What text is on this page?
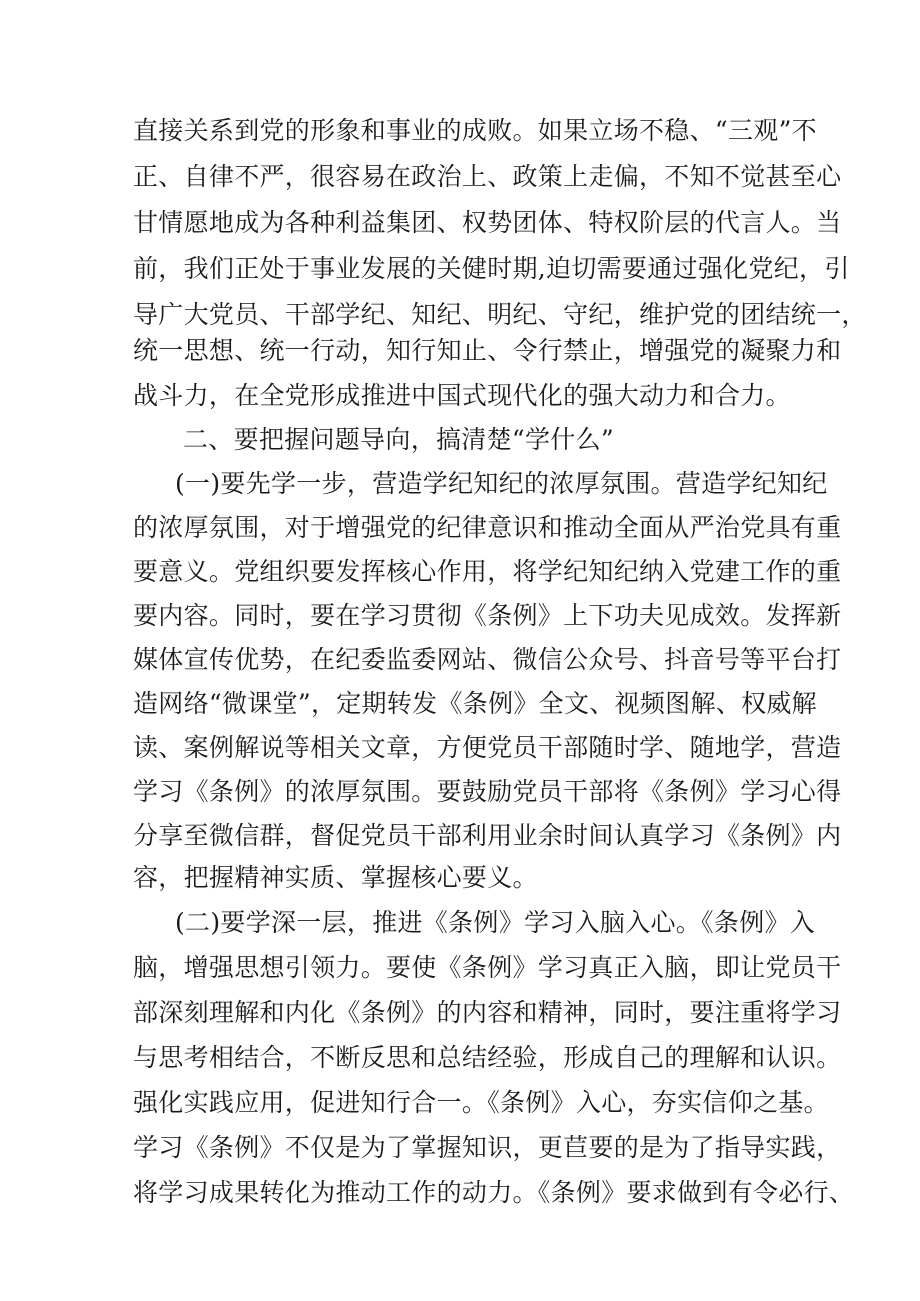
直接关系到党的形象和事业的成败。如果立场不稳、“三观”不
正、自律不严，很容易在政治上、政策上走偏，不知不觉甚至心
甘情愿地成为各种利益集团、权势团体、特权阶层的代言人。当
前，我们正处于事业发展的关健时期,迫切需要通过强化党纪，引
导广大党员、干部学纪、知纪、明纪、守纪，维护党的团结统一，
统一思想、统一行动，知行知止、令行禁止，增强党的凝聚力和
战斗力，在全党形成推进中国式现代化的强大动力和合力。
二、要把握问题导向，搞清楚“学什么”
(一)要先学一步，营造学纪知纪的浓厚氛围。营造学纪知纪
的浓厚氛围，对于增强党的纪律意识和推动全面从严治党具有重
要意义。党组织要发挥核心作用，将学纪知纪纳入党建工作的重
要内容。同时，要在学习贯彻《条例》上下功夫见成效。发挥新
媒体宣传优势，在纪委监委网站、微信公众号、抖音号等平台打
造网络“微课堂”，定期转发《条例》全文、视频图解、权威解
读、案例解说等相关文章，方便党员干部随时学、随地学，营造
学习《条例》的浓厚氛围。要鼓励党员干部将《条例》学习心得
分享至微信群，督促党员干部利用业余时间认真学习《条例》内
容，把握精神实质、掌握核心要义。
(二)要学深一层，推进《条例》学习入脑入心。《条例》入
脑，增强思想引领力。要使《条例》学习真正入脑，即让党员干
部深刻理解和内化《条例》的内容和精神，同时，要注重将学习
与思考相结合，不断反思和总结经验，形成自己的理解和认识。
强化实践应用，促进知行合一。《条例》入心，夯实信仰之基。
学习《条例》不仅是为了掌握知识，更苣要的是为了指导实践，
将学习成果转化为推动工作的动力。《条例》要求做到有令必行、
